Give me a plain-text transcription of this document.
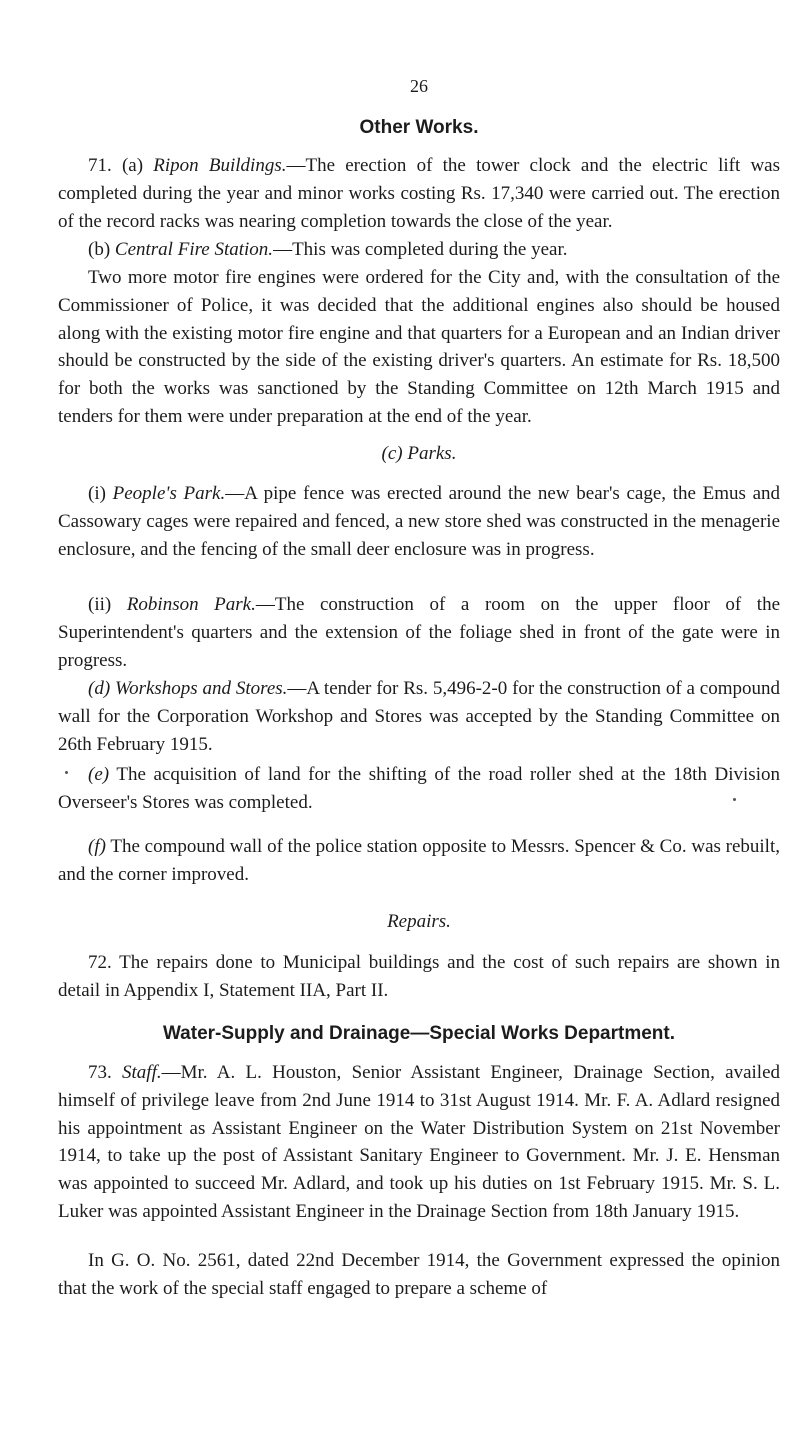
26
Other Works.

71. (a) Ripon Buildings.—The erection of the tower clock and the electric lift was completed during the year and minor works costing Rs. 17,340 were carried out. The erection of the record racks was nearing completion towards the close of the year.

(b) Central Fire Station.—This was completed during the year.

Two more motor fire engines were ordered for the City and, with the consultation of the Commissioner of Police, it was decided that the additional engines also should be housed along with the existing motor fire engine and that quarters for a European and an Indian driver should be constructed by the side of the existing driver's quarters. An estimate for Rs. 18,500 for both the works was sanctioned by the Standing Committee on 12th March 1915 and tenders for them were under preparation at the end of the year.

(c) Parks.

(i) People's Park.—A pipe fence was erected around the new bear's cage, the Emus and Cassowary cages were repaired and fenced, a new store shed was constructed in the menagerie enclosure, and the fencing of the small deer enclosure was in progress.

(ii) Robinson Park.—The construction of a room on the upper floor of the Superintendent's quarters and the extension of the foliage shed in front of the gate were in progress.

(d) Workshops and Stores.—A tender for Rs. 5,496-2-0 for the construction of a compound wall for the Corporation Workshop and Stores was accepted by the Standing Committee on 26th February 1915.

(e) The acquisition of land for the shifting of the road roller shed at the 18th Division Overseer's Stores was completed.

(f) The compound wall of the police station opposite to Messrs. Spencer & Co. was rebuilt, and the corner improved.

Repairs.

72. The repairs done to Municipal buildings and the cost of such repairs are shown in detail in Appendix I, Statement IIA, Part II.

Water-Supply and Drainage—Special Works Department.

73. Staff.—Mr. A. L. Houston, Senior Assistant Engineer, Drainage Section, availed himself of privilege leave from 2nd June 1914 to 31st August 1914. Mr. F. A. Adlard resigned his appointment as Assistant Engineer on the Water Distribution System on 21st November 1914, to take up the post of Assistant Sanitary Engineer to Government. Mr. J. E. Hensman was appointed to succeed Mr. Adlard, and took up his duties on 1st February 1915. Mr. S. L. Luker was appointed Assistant Engineer in the Drainage Section from 18th January 1915.

In G. O. No. 2561, dated 22nd December 1914, the Government expressed the opinion that the work of the special staff engaged to prepare a scheme of
